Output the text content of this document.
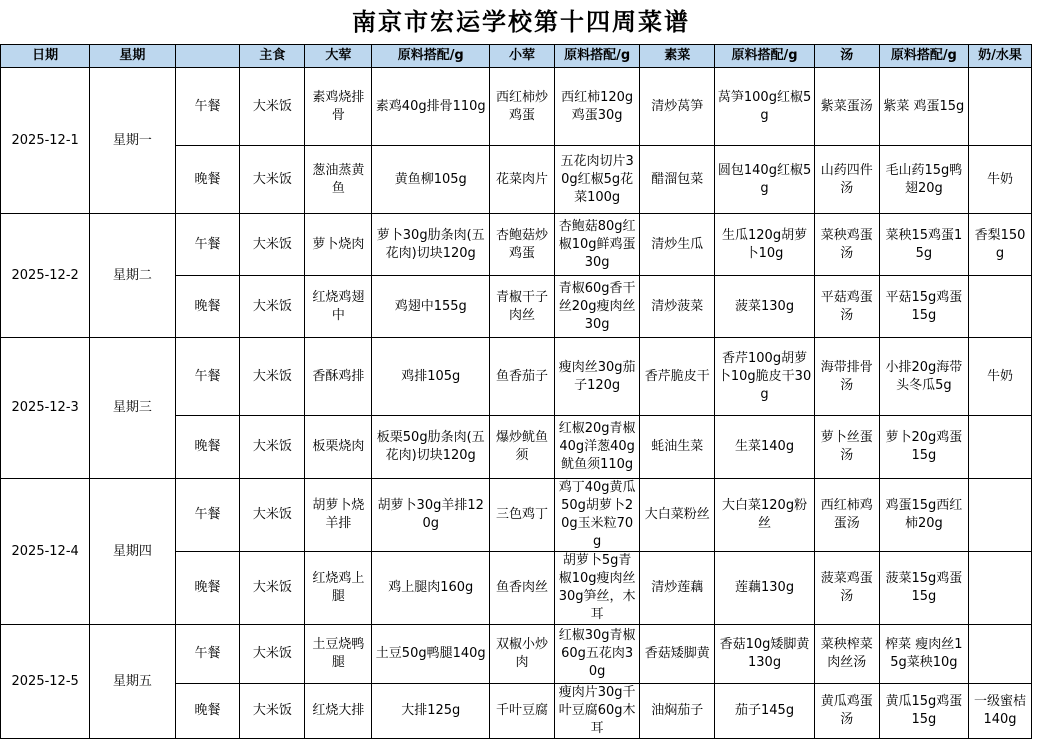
南京市宏运学校第十四周菜谱
日期	星期		主食	大荤	原料搭配/g	小荤	原料搭配/g	素菜	原料搭配/g	汤	原料搭配/g	奶/水果
2025-12-1	星期一	午餐	大米饭	素鸡烧排骨	素鸡40g排骨110g	西红柿炒鸡蛋	西红柿120g鸡蛋30g	清炒莴笋	莴笋100g红椒5g	紫菜蛋汤	紫菜 鸡蛋15g	
		晚餐	大米饭	葱油蒸黄鱼	黄鱼柳105g	花菜肉片	五花肉切片30g红椒5g花菜100g	醋溜包菜	圆包140g红椒5g	山药四件汤	毛山药15g鸭翅20g	牛奶
2025-12-2	星期二	午餐	大米饭	萝卜烧肉	萝卜30g肋条肉(五花肉)切块120g	杏鲍菇炒鸡蛋	杏鲍菇80g红椒10g鲜鸡蛋30g	清炒生瓜	生瓜120g胡萝卜10g	菜秧鸡蛋汤	菜秧15鸡蛋15g	香梨150g
		晚餐	大米饭	红烧鸡翅中	鸡翅中155g	青椒干子肉丝	青椒60g香干丝20g瘦肉丝30g	清炒菠菜	菠菜130g	平菇鸡蛋汤	平菇15g鸡蛋15g	
2025-12-3	星期三	午餐	大米饭	香酥鸡排	鸡排105g	鱼香茄子	瘦肉丝30g茄子120g	香芹脆皮干	香芹100g胡萝卜10g脆皮干30g	海带排骨汤	小排20g海带头冬瓜5g	牛奶
		晚餐	大米饭	板栗烧肉	板栗50g肋条肉(五花肉)切块120g	爆炒鱿鱼须	红椒20g青椒40g洋葱40g鱿鱼须110g	蚝油生菜	生菜140g	萝卜丝蛋汤	萝卜20g鸡蛋15g	
2025-12-4	星期四	午餐	大米饭	胡萝卜烧羊排	胡萝卜30g羊排120g	三色鸡丁	鸡丁40g黄瓜50g胡萝卜20g玉米粒70g	大白菜粉丝	大白菜120g粉丝	西红柿鸡蛋汤	鸡蛋15g西红柿20g	
		晚餐	大米饭	红烧鸡上腿	鸡上腿肉160g	鱼香肉丝	胡萝卜5g青椒10g瘦肉丝30g笋丝，木耳	清炒莲藕	莲藕130g	菠菜鸡蛋汤	菠菜15g鸡蛋15g	
2025-12-5	星期五	午餐	大米饭	土豆烧鸭腿	土豆50g鸭腿140g	双椒小炒肉	红椒30g青椒60g五花肉30g	香菇矮脚黄	香菇10g矮脚黄130g	菜秧榨菜肉丝汤	榨菜 瘦肉丝15g菜秧10g	
		晚餐	大米饭	红烧大排	大排125g	千叶豆腐	瘦肉片30g千叶豆腐60g木耳	油焖茄子	茄子145g	黄瓜鸡蛋汤	黄瓜15g鸡蛋15g	一级蜜桔140g
